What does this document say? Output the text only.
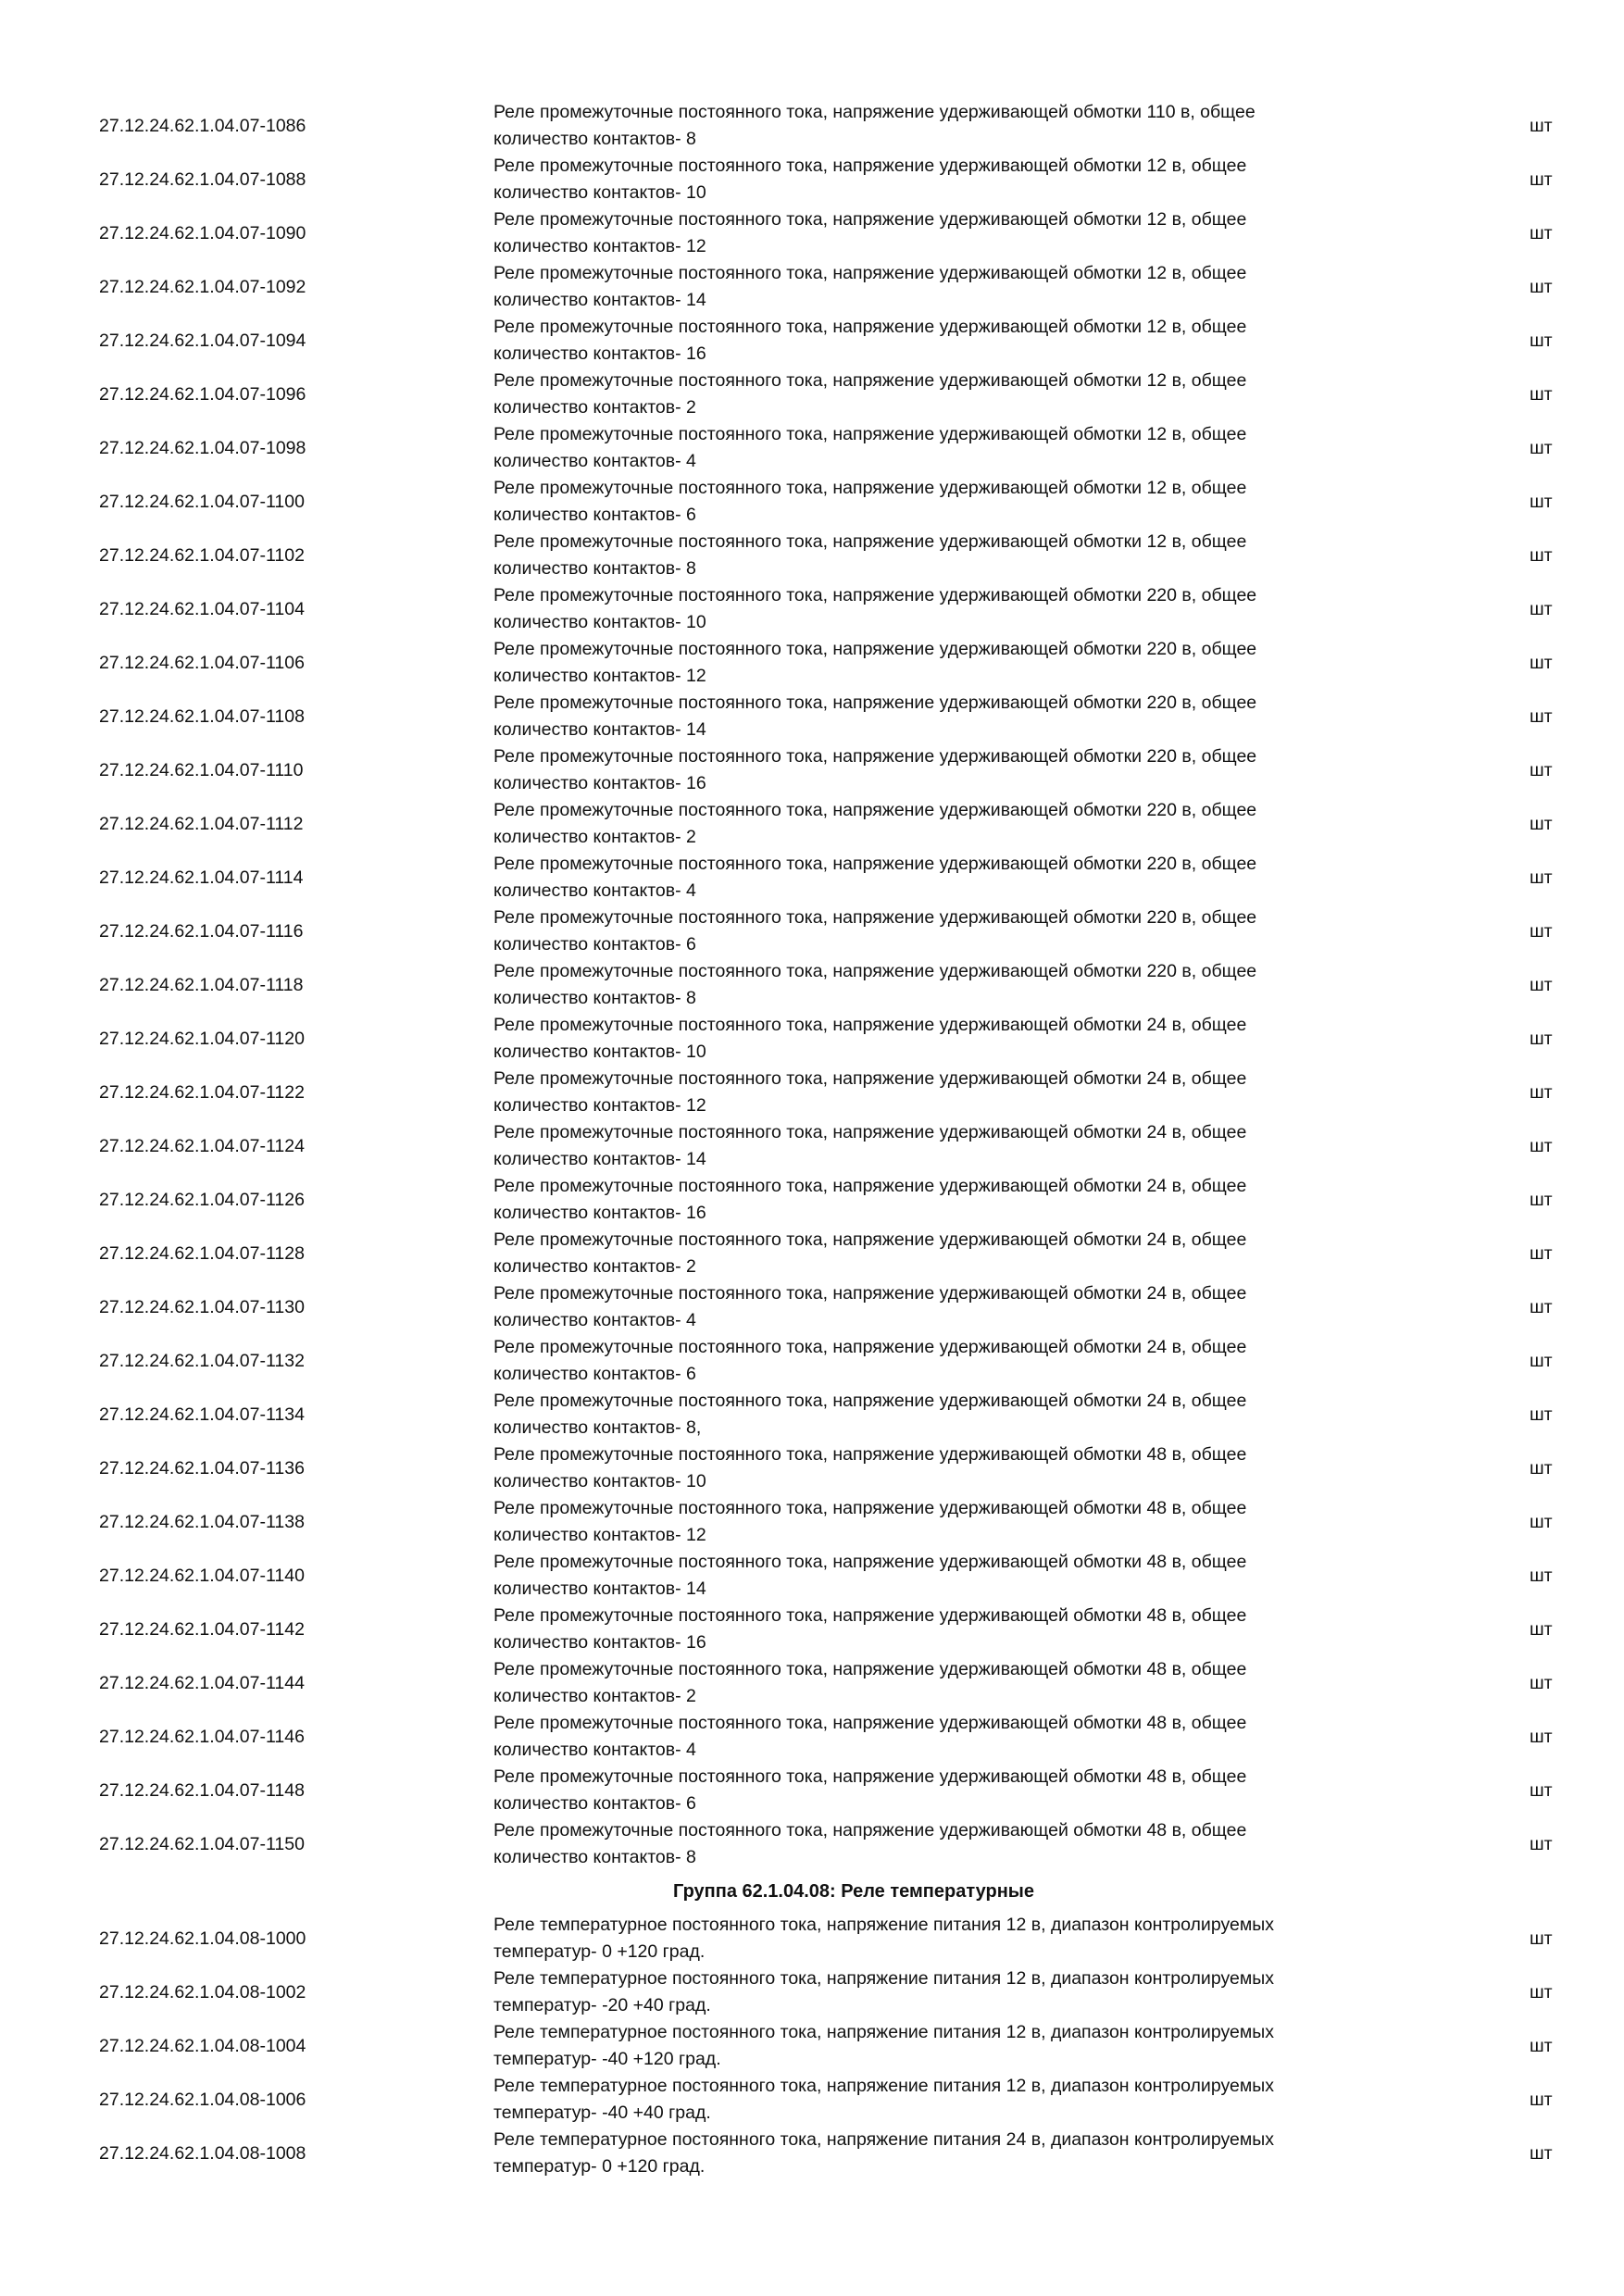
27.12.24.62.1.04.07-1086
Реле промежуточные постоянного тока, напряжение удерживающей обмотки 110 в, общее
количество контактов- 8
шт
27.12.24.62.1.04.07-1088
Реле промежуточные постоянного тока, напряжение удерживающей обмотки 12 в, общее
количество контактов- 10
шт
27.12.24.62.1.04.07-1090
Реле промежуточные постоянного тока, напряжение удерживающей обмотки 12 в, общее
количество контактов- 12
шт
27.12.24.62.1.04.07-1092
Реле промежуточные постоянного тока, напряжение удерживающей обмотки 12 в, общее
количество контактов- 14
шт
27.12.24.62.1.04.07-1094
Реле промежуточные постоянного тока, напряжение удерживающей обмотки 12 в, общее
количество контактов- 16
шт
27.12.24.62.1.04.07-1096
Реле промежуточные постоянного тока, напряжение удерживающей обмотки 12 в, общее
количество контактов- 2
шт
27.12.24.62.1.04.07-1098
Реле промежуточные постоянного тока, напряжение удерживающей обмотки 12 в, общее
количество контактов- 4
шт
27.12.24.62.1.04.07-1100
Реле промежуточные постоянного тока, напряжение удерживающей обмотки 12 в, общее
количество контактов- 6
шт
27.12.24.62.1.04.07-1102
Реле промежуточные постоянного тока, напряжение удерживающей обмотки 12 в, общее
количество контактов- 8
шт
27.12.24.62.1.04.07-1104
Реле промежуточные постоянного тока, напряжение удерживающей обмотки 220 в, общее
количество контактов- 10
шт
27.12.24.62.1.04.07-1106
Реле промежуточные постоянного тока, напряжение удерживающей обмотки 220 в, общее
количество контактов- 12
шт
27.12.24.62.1.04.07-1108
Реле промежуточные постоянного тока, напряжение удерживающей обмотки 220 в, общее
количество контактов- 14
шт
27.12.24.62.1.04.07-1110
Реле промежуточные постоянного тока, напряжение удерживающей обмотки 220 в, общее
количество контактов- 16
шт
27.12.24.62.1.04.07-1112
Реле промежуточные постоянного тока, напряжение удерживающей обмотки 220 в, общее
количество контактов- 2
шт
27.12.24.62.1.04.07-1114
Реле промежуточные постоянного тока, напряжение удерживающей обмотки 220 в, общее
количество контактов- 4
шт
27.12.24.62.1.04.07-1116
Реле промежуточные постоянного тока, напряжение удерживающей обмотки 220 в, общее
количество контактов- 6
шт
27.12.24.62.1.04.07-1118
Реле промежуточные постоянного тока, напряжение удерживающей обмотки 220 в, общее
количество контактов- 8
шт
27.12.24.62.1.04.07-1120
Реле промежуточные постоянного тока, напряжение удерживающей обмотки 24 в, общее
количество контактов- 10
шт
27.12.24.62.1.04.07-1122
Реле промежуточные постоянного тока, напряжение удерживающей обмотки 24 в, общее
количество контактов- 12
шт
27.12.24.62.1.04.07-1124
Реле промежуточные постоянного тока, напряжение удерживающей обмотки 24 в, общее
количество контактов- 14
шт
27.12.24.62.1.04.07-1126
Реле промежуточные постоянного тока, напряжение удерживающей обмотки 24 в, общее
количество контактов- 16
шт
27.12.24.62.1.04.07-1128
Реле промежуточные постоянного тока, напряжение удерживающей обмотки 24 в, общее
количество контактов- 2
шт
27.12.24.62.1.04.07-1130
Реле промежуточные постоянного тока, напряжение удерживающей обмотки 24 в, общее
количество контактов- 4
шт
27.12.24.62.1.04.07-1132
Реле промежуточные постоянного тока, напряжение удерживающей обмотки 24 в, общее
количество контактов- 6
шт
27.12.24.62.1.04.07-1134
Реле промежуточные постоянного тока, напряжение удерживающей обмотки 24 в, общее
количество контактов- 8,
шт
27.12.24.62.1.04.07-1136
Реле промежуточные постоянного тока, напряжение удерживающей обмотки 48 в, общее
количество контактов- 10
шт
27.12.24.62.1.04.07-1138
Реле промежуточные постоянного тока, напряжение удерживающей обмотки 48 в, общее
количество контактов- 12
шт
27.12.24.62.1.04.07-1140
Реле промежуточные постоянного тока, напряжение удерживающей обмотки 48 в, общее
количество контактов- 14
шт
27.12.24.62.1.04.07-1142
Реле промежуточные постоянного тока, напряжение удерживающей обмотки 48 в, общее
количество контактов- 16
шт
27.12.24.62.1.04.07-1144
Реле промежуточные постоянного тока, напряжение удерживающей обмотки 48 в, общее
количество контактов- 2
шт
27.12.24.62.1.04.07-1146
Реле промежуточные постоянного тока, напряжение удерживающей обмотки 48 в, общее
количество контактов- 4
шт
27.12.24.62.1.04.07-1148
Реле промежуточные постоянного тока, напряжение удерживающей обмотки 48 в, общее
количество контактов- 6
шт
27.12.24.62.1.04.07-1150
Реле промежуточные постоянного тока, напряжение удерживающей обмотки 48 в, общее
количество контактов- 8
шт
Группа 62.1.04.08: Реле температурные
27.12.24.62.1.04.08-1000
Реле температурное постоянного тока, напряжение питания 12 в, диапазон контролируемых
температур- 0 +120 град.
шт
27.12.24.62.1.04.08-1002
Реле температурное постоянного тока, напряжение питания 12 в, диапазон контролируемых
температур- -20 +40 град.
шт
27.12.24.62.1.04.08-1004
Реле температурное постоянного тока, напряжение питания 12 в, диапазон контролируемых
температур- -40 +120 град.
шт
27.12.24.62.1.04.08-1006
Реле температурное постоянного тока, напряжение питания 12 в, диапазон контролируемых
температур- -40 +40 град.
шт
27.12.24.62.1.04.08-1008
Реле температурное постоянного тока, напряжение питания 24 в, диапазон контролируемых
температур- 0 +120 град.
шт
